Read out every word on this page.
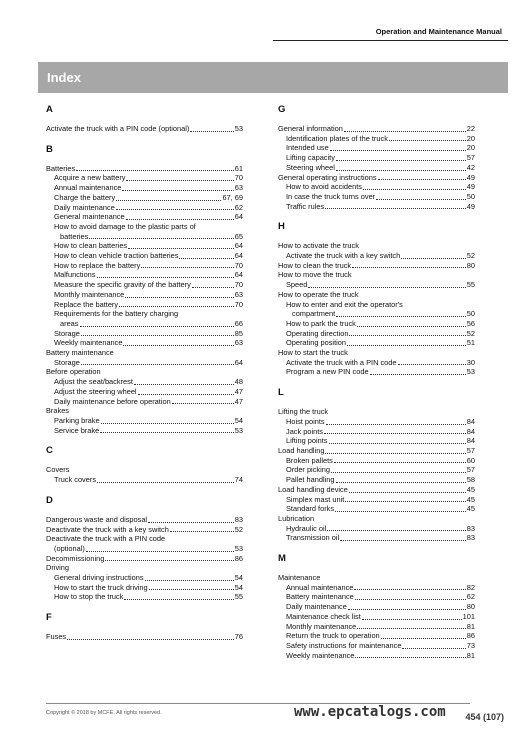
Operation and Maintenance Manual
Index
A
Activate the truck with a PIN code (optional)	53
B
Batteries	61
Acquire a new battery	70
Annual maintenance	63
Charge the battery	67, 69
Daily maintenance	62
General maintenance	64
How to avoid damage to the plastic parts of
batteries	65
How to clean batteries	64
How to clean vehicle traction batteries	64
How to replace the battery	70
Malfunctions	64
Measure the specific gravity of the battery	70
Monthly maintenance	63
Replace the battery	70
Requirements for the battery charging
areas	66
Storage	85
Weekly maintenance	63
Battery maintenance
Storage	64
Before operation
Adjust the seat/backrest	48
Adjust the steering wheel	47
Daily maintenance before operation	47
Brakes
Parking brake	54
Service brake	53
C
Covers
Truck covers	74
D
Dangerous waste and disposal	83
Deactivate the truck with a key switch	52
Deactivate the truck with a PIN code
(optional)	53
Decommissioning	86
Driving
General driving instructions	54
How to start the truck driving	54
How to stop the truck	55
F
Fuses	76
G
General information	22
Identification plates of the truck	20
Intended use	20
Lifting capacity	57
Steering wheel	42
General operating instructions	49
How to avoid accidents	49
In case the truck turns over	50
Traffic rules	49
H
How to activate the truck
Activate the truck with a key switch	52
How to clean the truck	80
How to move the truck
Speed	55
How to operate the truck
How to enter and exit the operator's
compartment	50
How to park the truck	56
Operating direction	52
Operating position	51
How to start the truck
Activate the truck with a PIN code	30
Program a new PIN code	53
L
Lifting the truck
Hoist points	84
Jack points	84
Lifting points	84
Load handling	57
Broken pallets	60
Order picking	57
Pallet handling	58
Load handling device	45
Simplex mast unit	45
Standard forks	45
Lubrication
Hydraulic oil	83
Transmission oil	83
M
Maintenance
Annual maintenance	82
Battery maintenance	62
Daily maintenance	80
Maintenance check list	101
Monthly maintenance	81
Return the truck to operation	86
Safety instructions for maintenance	73
Weekly maintenance	81
Copyright © 2018 by MCFE. All rights reserved.	www.epcatalogs.com 454 (107)
